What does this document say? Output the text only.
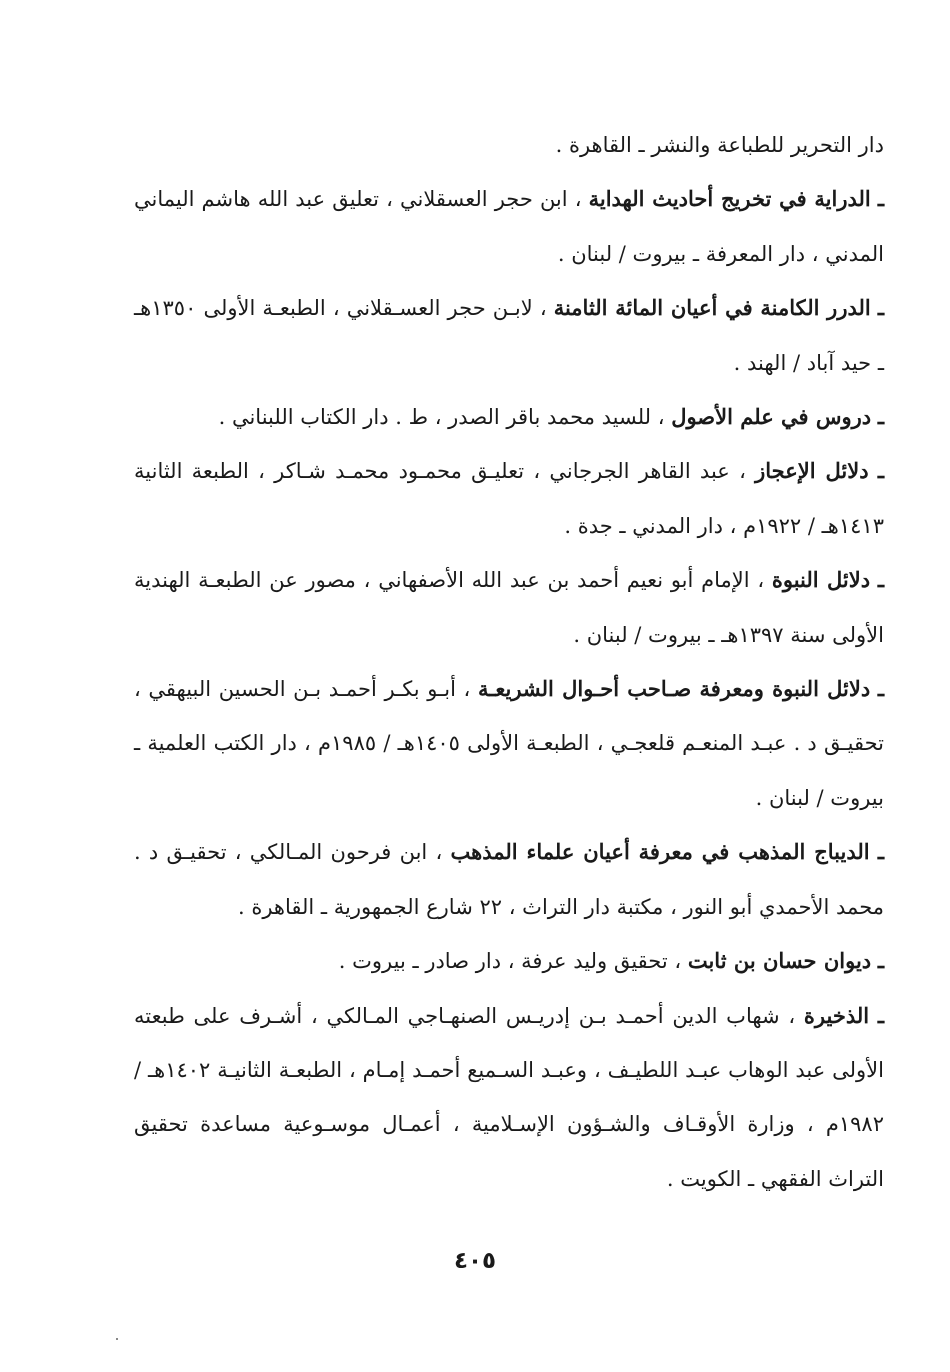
دار التحرير للطباعة والنشر ـ القاهرة .

ـ الدراية في تخريج أحاديث الهداية ، ابن حجر العسقلاني ، تعليق عبد الله هاشم اليماني المدني ، دار المعرفة ـ بيروت / لبنان .

ـ الدرر الكامنة في أعيان المائة الثامنة ، لابـن حجر العسـقلاني ، الطبعـة الأولى ١٣٥٠هـ ـ حيد آباد / الهند .

ـ دروس في علم الأصول ، للسيد محمد باقر الصدر ، ط . دار الكتاب اللبناني .

ـ دلائل الإعجاز ، عبد القاهر الجرجاني ، تعليـق محمـود محمـد شـاكر ، الطبعة الثانية ١٤١٣هـ / ١٩٢٢م ، دار المدني ـ جدة .

ـ دلائل النبوة ، الإمام أبو نعيم أحمد بن عبد الله الأصفهاني ، مصور عن الطبعـة الهندية الأولى سنة ١٣٩٧هـ ـ بيروت / لبنان .

ـ دلائل النبوة ومعرفة صـاحب أحـوال الشريعـة ، أبـو بكـر أحمـد بـن الحسين البيهقي ، تحقيـق د . عبـد المنعـم قلعجـي ، الطبعـة الأولى ١٤٠٥هـ / ١٩٨٥م ، دار الكتب العلمية ـ بيروت / لبنان .

ـ الديباج المذهب في معرفة أعيان علماء المذهب ، ابن فرحون المـالكي ، تحقيـق د . محمد الأحمدي أبو النور ، مكتبة دار التراث ، ٢٢ شارع الجمهورية ـ القاهرة .

ـ ديوان حسان بن ثابت ، تحقيق وليد عرفة ، دار صادر ـ بيروت .

ـ الذخيرة ، شهاب الدين أحمـد بـن إدريـس الصنهـاجي المـالكي ، أشـرف على طبعته الأولى عبد الوهاب عبـد اللطيـف ، وعبـد السـميع أحمـد إمـام ، الطبعـة الثانيـة ١٤٠٢هـ / ١٩٨٢م ، وزارة الأوقـاف والشـؤون الإسـلامية ، أعمـال موسـوعية مساعدة تحقيق التراث الفقهي ـ الكويت .

٤٠٥
